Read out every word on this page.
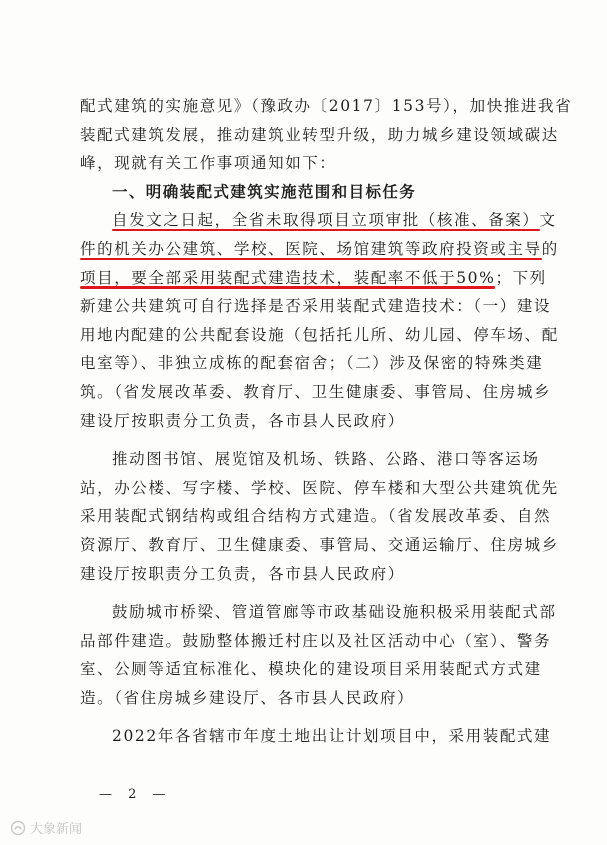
配式建筑的实施意见》（豫政办〔2017〕153号），加快推进我省
装配式建筑发展，推动建筑业转型升级，助力城乡建设领域碳达
峰，现就有关工作事项通知如下：

一、明确装配式建筑实施范围和目标任务

自发文之日起，全省未取得项目立项审批（核准、备案）文
件的机关办公建筑、学校、医院、场馆建筑等政府投资或主导的
项目，要全部采用装配式建造技术，装配率不低于50%；下列
新建公共建筑可自行选择是否采用装配式建造技术：（一）建设
用地内配建的公共配套设施（包括托儿所、幼儿园、停车场、配
电室等）、非独立成栋的配套宿舍；（二）涉及保密的特殊类建
筑。（省发展改革委、教育厅、卫生健康委、事管局、住房城乡
建设厅按职责分工负责，各市县人民政府）

推动图书馆、展览馆及机场、铁路、公路、港口等客运场
站，办公楼、写字楼、学校、医院、停车楼和大型公共建筑优先
采用装配式钢结构或组合结构方式建造。（省发展改革委、自然
资源厅、教育厅、卫生健康委、事管局、交通运输厅、住房城乡
建设厅按职责分工负责，各市县人民政府）

鼓励城市桥梁、管道管廊等市政基础设施积极采用装配式部
品部件建造。鼓励整体搬迁村庄以及社区活动中心（室）、警务
室、公厕等适宜标准化、模块化的建设项目采用装配式方式建
造。（省住房城乡建设厅、各市县人民政府）

2022年各省辖市年度土地出让计划项目中，采用装配式建

— 2 —
大象新闻
